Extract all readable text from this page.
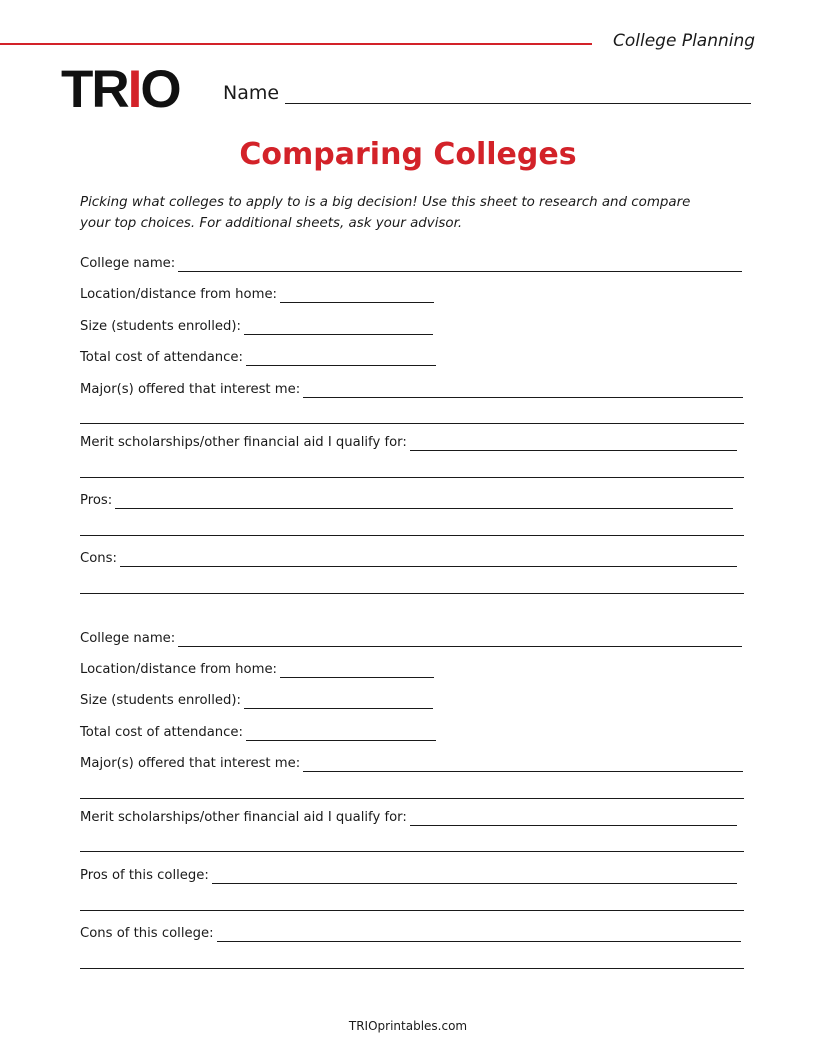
College Planning
TR I O Name
Comparing Colleges
Picking what colleges to apply to is a big decision! Use this sheet to research and compare your top choices. For additional sheets, ask your advisor.
College name:
Location/distance from home:
Size (students enrolled):
Total cost of attendance:
Major(s) offered that interest me:
Merit scholarships/other financial aid I qualify for:
Pros:
Cons:
College name:
Location/distance from home:
Size (students enrolled):
Total cost of attendance:
Major(s) offered that interest me:
Merit scholarships/other financial aid I qualify for:
Pros of this college:
Cons of this college:
TRIOprintables.com
